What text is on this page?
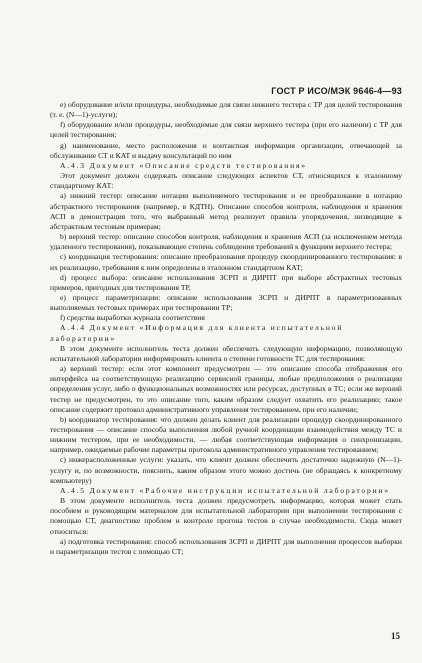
ГОСТ Р ИСО/МЭК 9646-4—93

е) оборудование и/или процедуры, необходимые для связи нижнего тестера с ТР для целей тестирования (т. е. (N—1)-услуги);

f) оборудование и/или процедуры, необходимые для связи верхнего тестера (при его наличии) с ТР для целей тестирования;

g) наименование, место расположения и контактная информация организации, отвечающей за обслуживание СТ и КАТ и выдачу консультаций по ним

А.4.3 Документ «Описание средств тестирования»

Этот документ должен содержать описание следующих аспектов СТ, относящихся к эталонному стандартному КАТ:

а) нижний тестер: описание нотации выполняемого тестирования и ее преобразование в нотацию абстрактного тестирования (например, в КДТН). Описание способов контроля, наблюдения и хранения АСП в демонстрация того, что выбранный метод реализует правила упорядочения, низводящие к абстрактным тестовым примерам;

b) верхний тестер: описание способов контроля, наблюдения и хранения АСП (за исключением метода удаленного тестирования), показывающее степень соблюдения требований к функциям верхнего тестера;

с) координация тестирования: описание преобразования процедур скоординированного тестирования: в их реализацию, требования к ним определены в эталонном стандартном КАТ;

d) процесс выбора: описание использования ЗСРП и ДИРПТ при выборе абстрактных тестовых примеров, пригодных для тестирования ТР,

е) процесс параметризации: описание использования ЗСРП и ДИРПТ в параметризованных выполняемых тестовых примерах при тестировании ТР;

f) средства выработки журнала соответствия

А.4.4 Документ «Информация для клиента испытательной лаборатории»

В этом документе исполнитель теста должен обеспечить следующую информацию, позволяющую испытательной лаборатории информировать клиента о степени готовности ТС для тестирования:

а) верхний тестер: если этот компонент предусмотрен — это описание способа отображения его интерфейса на соответствующую реализацию сервисной границы, любые предположения о реализации определения услуг, либо о функциональных возможностях или ресурсах, доступных в ТС; если же верхний тестер не предусмотрен, то это описание того, каким образом следует охватить его реализацию; такое описание содержит протокол административного управления тестированием, при его наличии;

b) координатор тестирования: что должен делать клиент для реализации процедур скоординированного тестирования — описание способа выполнения любой ручной координации взаимодействия между ТС и нижним тестером, при ее необходимости, — любая соответствующая информация о синхронизации, например, ожидаемые рабочие параметры протокола административного управления тестированием;

с) нижерасположенные услуги: указать, что клиент должен обеспечить достаточно надежную (N—1)-услугу и, по возможности, пояснить, каким образом этого можно достичь (не обращаясь к конкретному компьютеру)

А.4.5 Документ «Рабочие инструкции испытательной лаборатории»

В этом документе исполнитель теста должен предусмотреть информацию, которая может стать пособием и руководящим материалом для испытательной лаборатории при выполнении тестирования с помощью СТ, диагностике проблем и контроле прогона тестов в случае необходимости. Сюда может относиться:

а) подготовка тестирования: способ использования ЗСРП и ДИРПТ для выполнения процессов выборки и параметризации тестов с помощью СТ;

15
